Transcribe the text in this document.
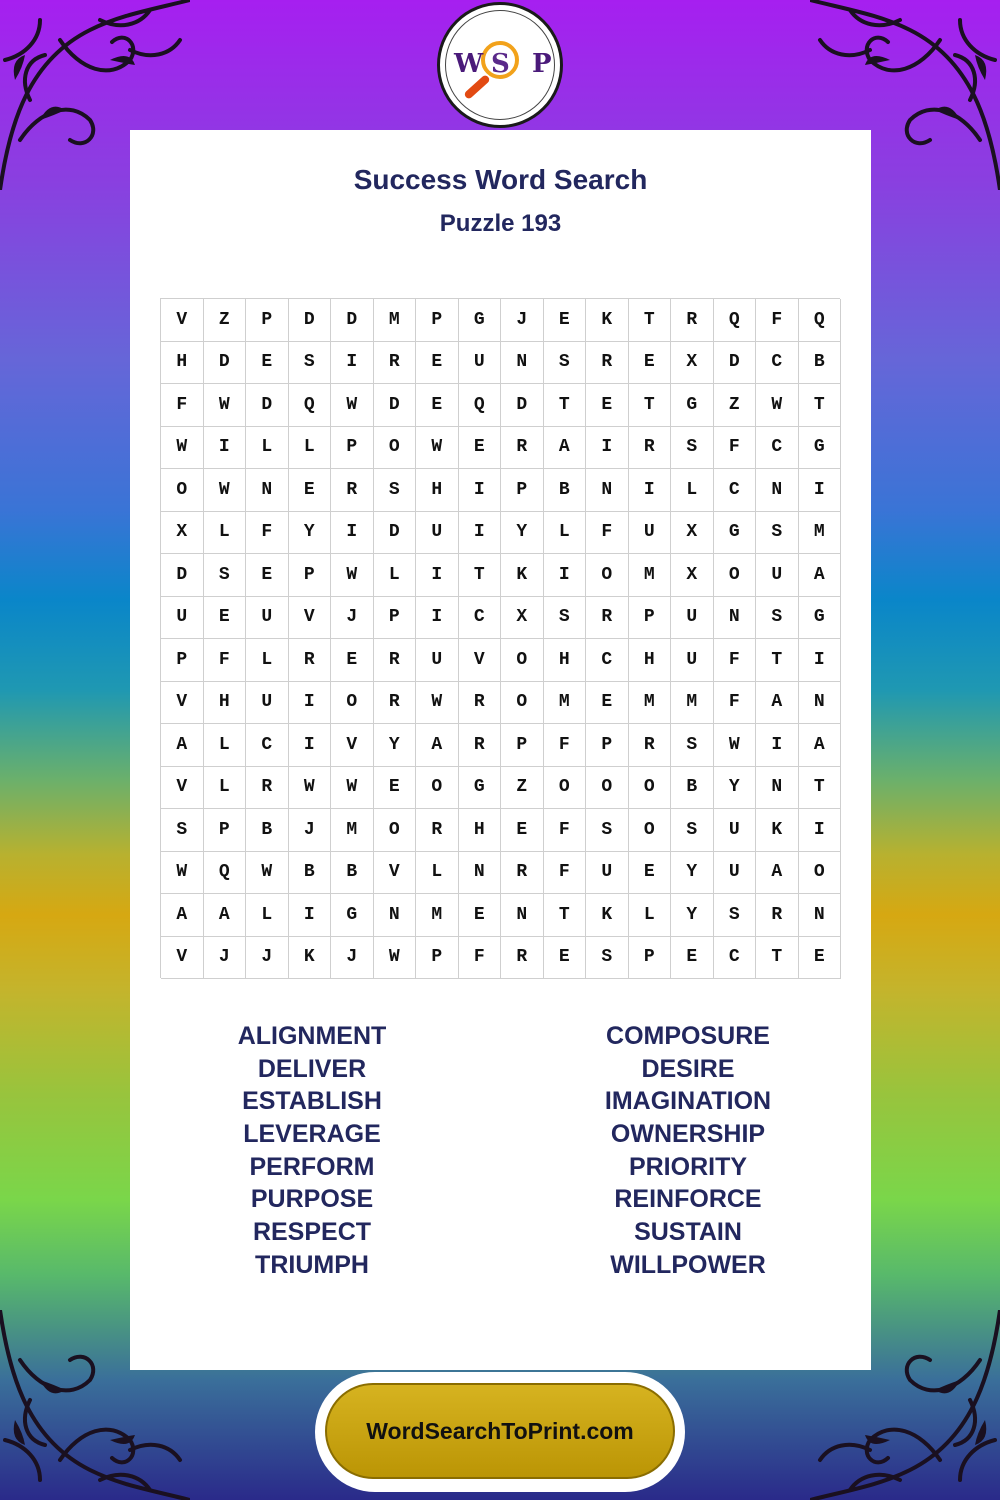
W S P
Success Word Search
Puzzle 193
V	Z	P	D	D	M	P	G	J	E	K	T	R	Q	F	Q
H	D	E	S	I	R	E	U	N	S	R	E	X	D	C	B
F	W	D	Q	W	D	E	Q	D	T	E	T	G	Z	W	T
W	I	L	L	P	O	W	E	R	A	I	R	S	F	C	G
O	W	N	E	R	S	H	I	P	B	N	I	L	C	N	I
X	L	F	Y	I	D	U	I	Y	L	F	U	X	G	S	M
D	S	E	P	W	L	I	T	K	I	O	M	X	O	U	A
U	E	U	V	J	P	I	C	X	S	R	P	U	N	S	G
P	F	L	R	E	R	U	V	O	H	C	H	U	F	T	I
V	H	U	I	O	R	W	R	O	M	E	M	M	F	A	N
A	L	C	I	V	Y	A	R	P	F	P	R	S	W	I	A
V	L	R	W	W	E	O	G	Z	O	O	O	B	Y	N	T
S	P	B	J	M	O	R	H	E	F	S	O	S	U	K	I
W	Q	W	B	B	V	L	N	R	F	U	E	Y	U	A	O
A	A	L	I	G	N	M	E	N	T	K	L	Y	S	R	N
V	J	J	K	J	W	P	F	R	E	S	P	E	C	T	E
ALIGNMENT
DELIVER
ESTABLISH
LEVERAGE
PERFORM
PURPOSE
RESPECT
TRIUMPH
COMPOSURE
DESIRE
IMAGINATION
OWNERSHIP
PRIORITY
REINFORCE
SUSTAIN
WILLPOWER
WordSearchToPrint.com
